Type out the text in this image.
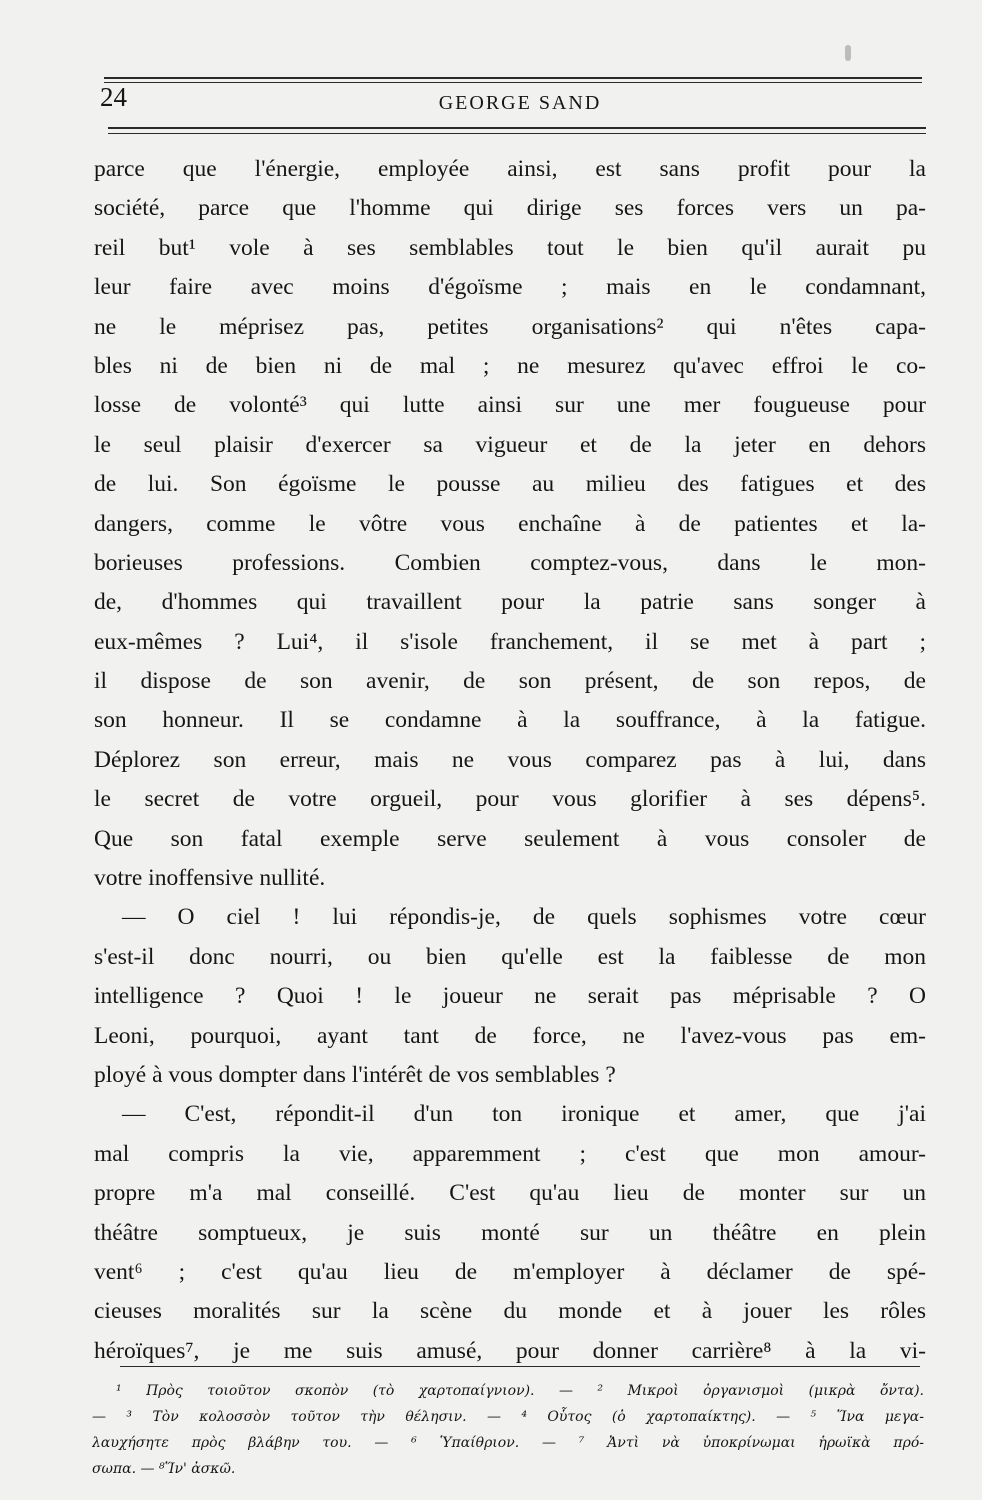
24	GEORGE SAND
parce que l'énergie, employée ainsi, est sans profit pour la
société, parce que l'homme qui dirige ses forces vers un pa-
reil but¹ vole à ses semblables tout le bien qu'il aurait pu
leur faire avec moins d'égoïsme ; mais en le condamnant,
ne le méprisez pas, petites organisations² qui n'êtes capa-
bles ni de bien ni de mal ; ne mesurez qu'avec effroi le co-
losse de volonté³ qui lutte ainsi sur une mer fougueuse pour
le seul plaisir d'exercer sa vigueur et de la jeter en dehors
de lui. Son égoïsme le pousse au milieu des fatigues et des
dangers, comme le vôtre vous enchaîne à de patientes et la-
borieuses professions. Combien comptez-vous, dans le mon-
de, d'hommes qui travaillent pour la patrie sans songer à
eux-mêmes ? Lui⁴, il s'isole franchement, il se met à part ;
il dispose de son avenir, de son présent, de son repos, de
son honneur. Il se condamne à la souffrance, à la fatigue.
Déplorez son erreur, mais ne vous comparez pas à lui, dans
le secret de votre orgueil, pour vous glorifier à ses dépens⁵.
Que son fatal exemple serve seulement à vous consoler de
votre inoffensive nullité.
— O ciel ! lui répondis-je, de quels sophismes votre cœur
s'est-il donc nourri, ou bien qu'elle est la faiblesse de mon
intelligence ? Quoi ! le joueur ne serait pas méprisable ? O
Leoni, pourquoi, ayant tant de force, ne l'avez-vous pas em-
ployé à vous dompter dans l'intérêt de vos semblables ?
— C'est, répondit-il d'un ton ironique et amer, que j'ai
mal compris la vie, apparemment ; c'est que mon amour-
propre m'a mal conseillé. C'est qu'au lieu de monter sur un
théâtre somptueux, je suis monté sur un théâtre en plein
vent⁶ ; c'est qu'au lieu de m'employer à déclamer de spé-
cieuses moralités sur la scène du monde et à jouer les rôles
héroïques⁷, je me suis amusé, pour donner carrière⁸ à la vi-
¹ Πρὸς τοιοῦτον σκοπὸν (τὸ χαρτοπαίγνιον). — ² Μικροὶ ὀργανισμοὶ (μικρὰ ὄντα).
— ³ Τὸν κολοσσὸν τοῦτον τὴν θέλησιν. — ⁴ Οὗτος (ὁ χαρτοπαίκτης). — ⁵ Ἵνα μεγα-
λαυχήσητε πρὸς βλάβην του. — ⁶ Ὑπαίθριον. — ⁷ Ἀντὶ νὰ ὑποκρίνωμαι ἡρωϊκὰ πρό-
σωπα. — ⁸Ἵν' ἀσκῶ.
